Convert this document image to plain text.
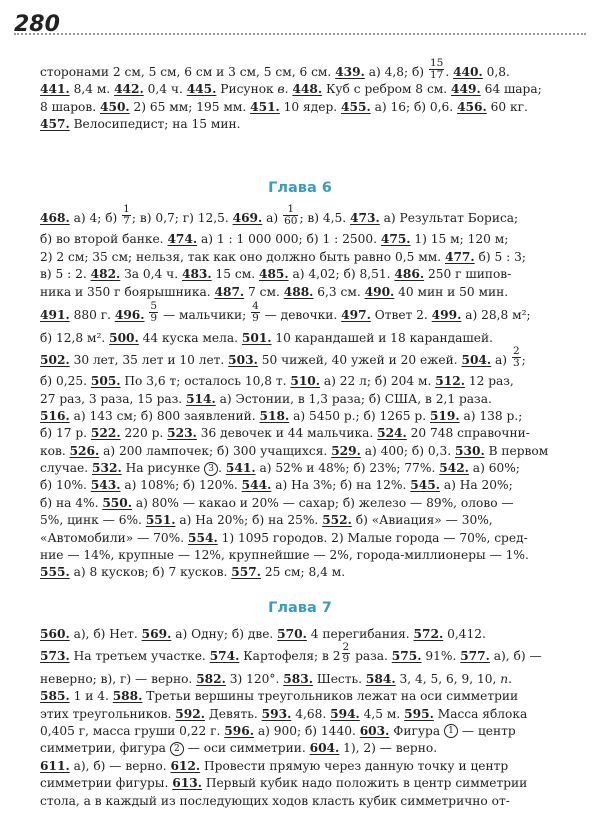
280
сторонами 2 см, 5 см, 6 см и 3 см, 5 см, 6 см. 439. а) 4,8; $б) \frac{15}{17}$ . 440. 0,8.
441. 8,4 м. 442. 0,4 ч. 445. Рисунок в. 448. Куб с ребром 8 см. 449. 64 шара;
8 шаров. 450. 2) 65 мм; 195 мм. 451. 10 ядер. 455. а) 16; б) 0,6. 456. 60 кг.
457. Велосипедист; на 15 мин.
Глава 6
468. а) 4; $б) \frac{1}{7}$ ; в) 0,7; г) 12,5. 469. $а) \frac{1}{60}$ ; в) 4,5. 473. а) Результат Бориса;
б) во второй банке. 474. а) 1 : 1 000 000; б) 1 : 2500. 475. 1) 15 м; 120 м;
2) 2 см; 35 см; нельзя, так как оно должно быть равно 0,5 мм. 477. б) 5 : 3;
в) 5 : 2. 482. За 0,4 ч. 483. 15 см. 485. а) 4,02; б) 8,51. 486. 250 г шипов-
ника и 350 г боярышника. 487. 7 см. 488. 6,3 см. 490. 40 мин и 50 мин.
491. 880 г. 496. $\frac{5}{9}$ — мальчики; $\frac{4}{9}$ — девочки. 497. Ответ 2. 499. а) 28,8 м²;
б) 12,8 м². 500. 44 куска мела. 501. 10 карандашей и 18 карандашей.
502. 30 лет, 35 лет и 10 лет. 503. 50 чижей, 40 ужей и 20 ежей. 504. $а) \frac{2}{3}$ ;
б) 0,25. 505. По 3,6 т; осталось 10,8 т. 510. а) 22 л; б) 204 м. 512. 12 раз,
27 раз, 3 раза, 15 раз. 514. а) Эстонии, в 1,3 раза; б) США, в 2,1 раза.
516. а) 143 см; б) 800 заявлений. 518. а) 5450 р.; б) 1265 р. 519. а) 138 р.;
б) 17 р. 522. 220 р. 523. 36 девочек и 44 мальчика. 524. 20 748 справочни-
ков. 526. а) 200 лампочек; б) 300 учащихся. 529. а) 400; б) 0,3. 530. В первом
случае. 532. На рисунке 3 . 541. а) 52% и 48%; б) 23%; 77%. 542. а) 60%;
б) 10%. 543. а) 108%; б) 120%. 544. а) На 3%; б) на 12%. 545. а) На 20%;
б) на 4%. 550. а) 80% — какао и 20% — сахар; б) железо — 89%, олово —
5%, цинк — 6%. 551. а) На 20%; б) на 25%. 552. б) «Авиация» — 30%,
«Автомобили» — 70%. 554. 1) 1095 городов. 2) Малые города — 70%, сред-
ние — 14%, крупные — 12%, крупнейшие — 2%, города-миллионеры — 1%.
555. а) 8 кусков; б) 7 кусков. 557. 25 см; 8,4 м.
Глава 7
560. а), б) Нет. 569. а) Одну; б) две. 570. 4 перегибания. 572. 0,412.
573. На третьем участке. 574. Картофеля; в $2 \frac{2}{9}$ раза. 575. 91%. 577. а), б) —
неверно; в), г) — верно. 582. 3) 120°. 583. Шесть. 584. 3, 4, 5, 6, 9, 10, n.
585. 1 и 4. 588. Третьи вершины треугольников лежат на оси симметрии
этих треугольников. 592. Девять. 593. 4,68. 594. 4,5 м. 595. Масса яблока
0,405 г, масса груши 0,22 г. 596. а) 900; б) 1440. 603. Фигура 1 — центр
симметрии, фигура 2 — оси симметрии. 604. 1), 2) — верно.
611. а), б) — верно. 612. Провести прямую через данную точку и центр
симметрии фигуры. 613. Первый кубик надо положить в центр симметрии
стола, а в каждый из последующих ходов класть кубик симметрично от-
